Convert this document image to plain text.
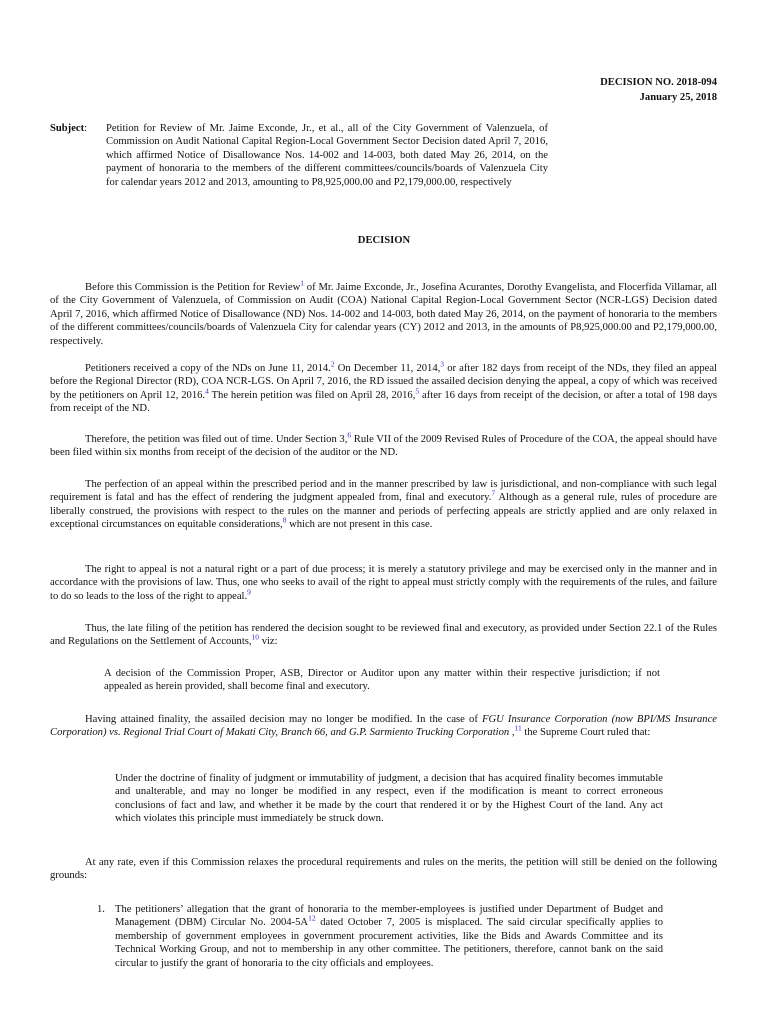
DECISION NO. 2018-094
January 25, 2018
Subject: Petition for Review of Mr. Jaime Exconde, Jr., et al., all of the City Government of Valenzuela, of Commission on Audit National Capital Region-Local Government Sector Decision dated April 7, 2016, which affirmed Notice of Disallowance Nos. 14-002 and 14-003, both dated May 26, 2014, on the payment of honoraria to the members of the different committees/councils/boards of Valenzuela City for calendar years 2012 and 2013, amounting to P8,925,000.00 and P2,179,000.00, respectively
DECISION

Before this Commission is the Petition for Review$^1$ of Mr. Jaime Exconde, Jr., Josefina Acurantes, Dorothy Evangelista, and Flocerfida Villamar, all of the City Government of Valenzuela, of Commission on Audit (COA) National Capital Region-Local Government Sector (NCR-LGS) Decision dated April 7, 2016, which affirmed Notice of Disallowance (ND) Nos. 14-002 and 14-003, both dated May 26, 2014, on the payment of honoraria to the members of the different committees/councils/boards of Valenzuela City for calendar years (CY) 2012 and 2013, in the amounts of P8,925,000.00 and P2,179,000.00, respectively.

Petitioners received a copy of the NDs on June 11, 2014.$^2$ On December 11, 2014,$^3$ or after 182 days from receipt of the NDs, they filed an appeal before the Regional Director (RD), COA NCR-LGS. On April 7, 2016, the RD issued the assailed decision denying the appeal, a copy of which was received by the petitioners on April 12, 2016.$^4$ The herein petition was filed on April 28, 2016,$^5$ after 16 days from receipt of the decision, or after a total of 198 days from receipt of the ND.

Therefore, the petition was filed out of time. Under Section 3,$^6$ Rule VII of the 2009 Revised Rules of Procedure of the COA, the appeal should have been filed within six months from receipt of the decision of the auditor or the ND.

The perfection of an appeal within the prescribed period and in the manner prescribed by law is jurisdictional, and non-compliance with such legal requirement is fatal and has the effect of rendering the judgment appealed from, final and executory.$^7$ Although as a general rule, rules of procedure are liberally construed, the provisions with respect to the rules on the manner and periods of perfecting appeals are strictly applied and are only relaxed in exceptional circumstances on equitable considerations,$^8$ which are not present in this case.

The right to appeal is not a natural right or a part of due process; it is merely a statutory privilege and may be exercised only in the manner and in accordance with the provisions of law. Thus, one who seeks to avail of the right to appeal must strictly comply with the requirements of the rules, and failure to do so leads to the loss of the right to appeal.$^9$

Thus, the late filing of the petition has rendered the decision sought to be reviewed final and executory, as provided under Section 22.1 of the Rules and Regulations on the Settlement of Accounts,$^{10}$ viz:

A decision of the Commission Proper, ASB, Director or Auditor upon any matter within their respective jurisdiction; if not appealed as herein provided, shall become final and executory.

Having attained finality, the assailed decision may no longer be modified. In the case of FGU Insurance Corporation (now BPI/MS Insurance Corporation) vs. Regional Trial Court of Makati City, Branch 66, and G.P. Sarmiento Trucking Corporation ,$^{11}$ the Supreme Court ruled that:

Under the doctrine of finality of judgment or immutability of judgment, a decision that has acquired finality becomes immutable and unalterable, and may no longer be modified in any respect, even if the modification is meant to correct erroneous conclusions of fact and law, and whether it be made by the court that rendered it or by the Highest Court of the land. Any act which violates this principle must immediately be struck down.

At any rate, even if this Commission relaxes the procedural requirements and rules on the merits, the petition will still be denied on the following grounds:

1. The petitioners’ allegation that the grant of honoraria to the member-employees is justified under Department of Budget and Management (DBM) Circular No. $2004-5A^{12}$ dated October 7, 2005 is misplaced. The said circular specifically applies to membership of government employees in government procurement activities, like the Bids and Awards Committee and its Technical Working Group, and not to membership in any other committee. The petitioners, therefore, cannot bank on the said circular to justify the grant of honoraria to the city officials and employees.
